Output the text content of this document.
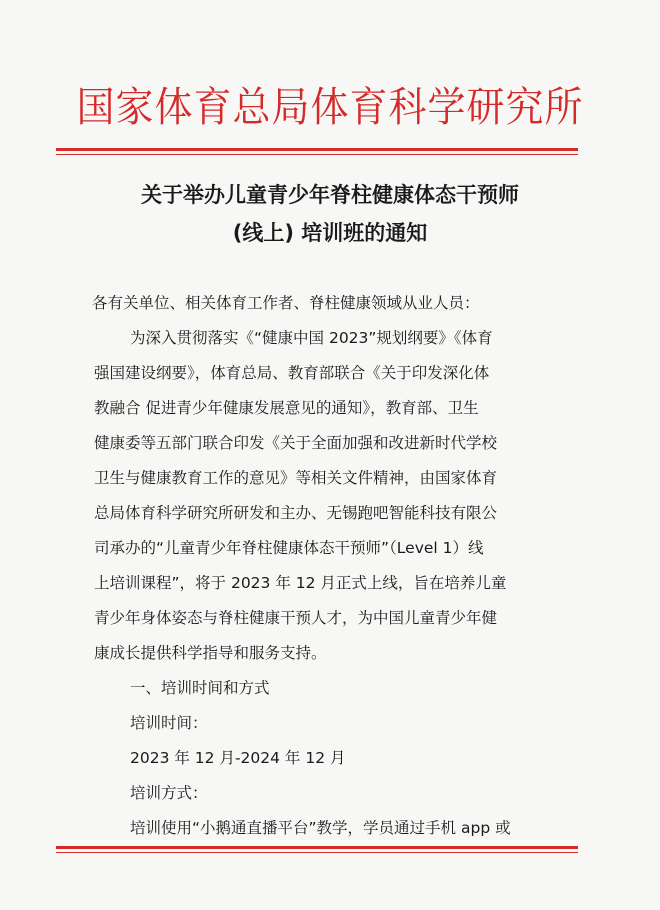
国家体育总局体育科学研究所
关于举办儿童青少年脊柱健康体态干预师
(线上) 培训班的通知
各有关单位、相关体育工作者、脊柱健康领域从业人员：
为深入贯彻落实《“健康中国 2023”规划纲要》《体育
强国建设纲要》，体育总局、教育部联合《关于印发深化体
教融合 促进青少年健康发展意见的通知》，教育部、卫生
健康委等五部门联合印发《关于全面加强和改进新时代学校
卫生与健康教育工作的意见》等相关文件精神，由国家体育
总局体育科学研究所研发和主办、无锡跑吧智能科技有限公
司承办的“儿童青少年脊柱健康体态干预师”（Level 1）线
上培训课程”，将于 2023 年 12 月正式上线，旨在培养儿童
青少年身体姿态与脊柱健康干预人才，为中国儿童青少年健
康成长提供科学指导和服务支持。
一、培训时间和方式
培训时间：
2023 年 12 月-2024 年 12 月
培训方式：
培训使用“小鹅通直播平台”教学，学员通过手机 app 或
